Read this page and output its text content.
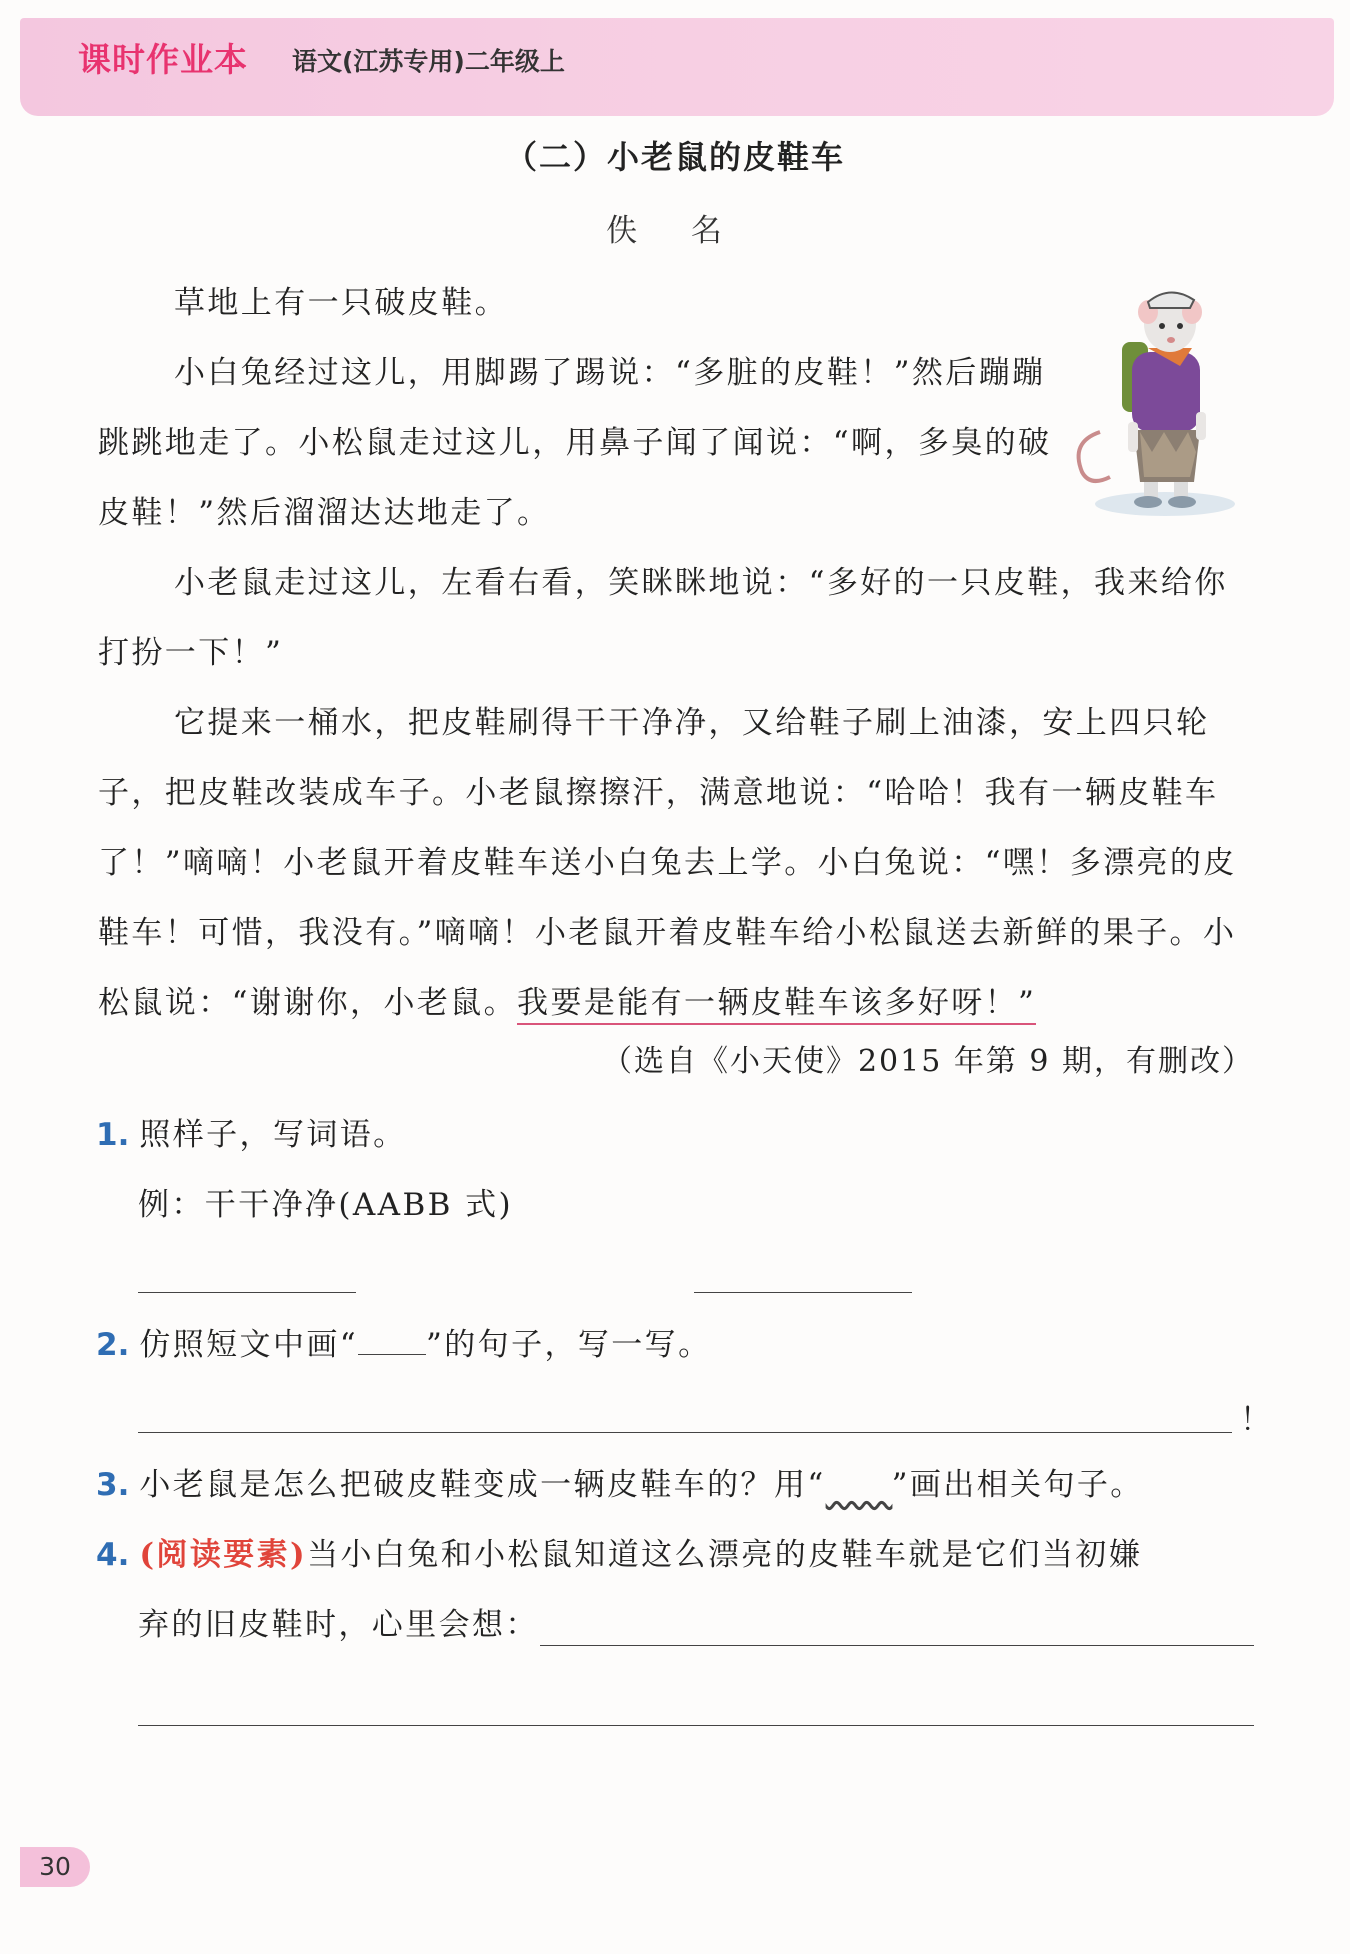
课时作业本 语文(江苏专用)二年级上
（二）小老鼠的皮鞋车
佚 名

草地上有一只破皮鞋。

小白兔经过这儿，用脚踢了踢说：“多脏的皮鞋！”然后蹦蹦跳跳地走了。小松鼠走过这儿，用鼻子闻了闻说：“啊，多臭的破皮鞋！”然后溜溜达达地走了。

小老鼠走过这儿，左看右看，笑眯眯地说：“多好的一只皮鞋，我来给你打扮一下！”

它提来一桶水，把皮鞋刷得干干净净，又给鞋子刷上油漆，安上四只轮子，把皮鞋改装成车子。小老鼠擦擦汗，满意地说：“哈哈！我有一辆皮鞋车了！”嘀嘀！小老鼠开着皮鞋车送小白兔去上学。小白兔说：“嘿！多漂亮的皮鞋车！可惜，我没有。”嘀嘀！小老鼠开着皮鞋车给小松鼠送去新鲜的果子。小松鼠说：“谢谢你，小老鼠。我要是能有一辆皮鞋车该多好呀！”

（选自《小天使》2015 年第 9 期，有删改）
1. 照样子，写词语。
例：干干净净(AABB 式)
2. 仿照短文中画“ ”的句子，写一写。
！
3. 小老鼠是怎么把破皮鞋变成一辆皮鞋车的？用“　　 ”画出相关句子。
4. (阅读要素)当小白兔和小松鼠知道这么漂亮的皮鞋车就是它们当初嫌
弃的旧皮鞋时，心里会想：
30
